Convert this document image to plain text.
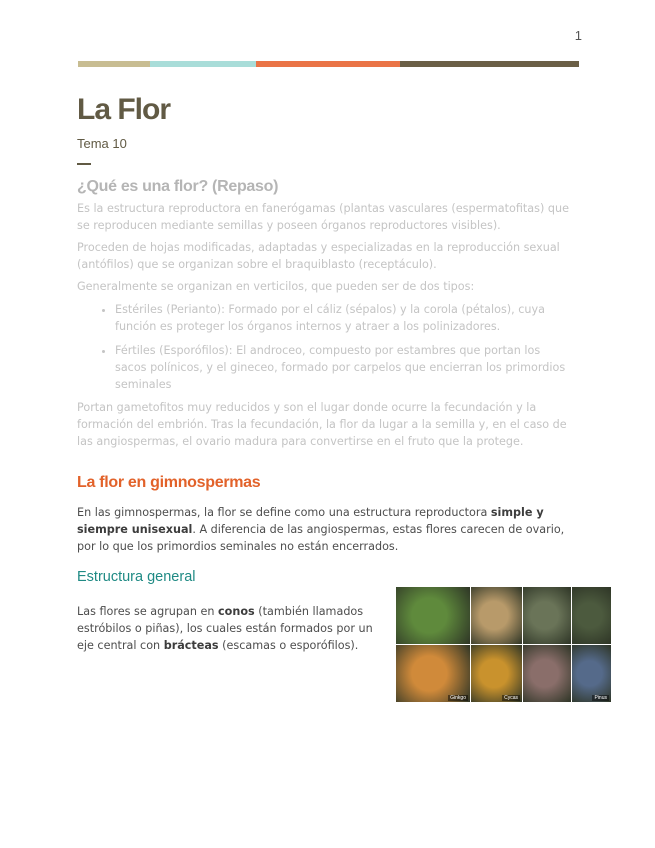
1
La Flor
Tema 10
¿Qué es una flor? (Repaso)

Es la estructura reproductora en fanerógamas (plantas vasculares (espermatofitas) que se reproducen mediante semillas y poseen órganos reproductores visibles).

Proceden de hojas modificadas, adaptadas y especializadas en la reproducción sexual (antófilos) que se organizan sobre el braquiblasto (receptáculo).

Generalmente se organizan en verticilos, que pueden ser de dos tipos:

• Estériles (Perianto): Formado por el cáliz (sépalos) y la corola (pétalos), cuya función es proteger los órganos internos y atraer a los polinizadores.
• Fértiles (Esporófilos): El androceo, compuesto por estambres que portan los sacos polínicos, y el gineceo, formado por carpelos que encierran los primordios seminales

Portan gametofitos muy reducidos y son el lugar donde ocurre la fecundación y la formación del embrión. Tras la fecundación, la flor da lugar a la semilla y, en el caso de las angiospermas, el ovario madura para convertirse en el fruto que la protege.

La flor en gimnospermas

En las gimnospermas, la flor se define como una estructura reproductora simple y siempre unisexual. A diferencia de las angiospermas, estas flores carecen de ovario, por lo que los primordios seminales no están encerrados.

Estructura general

Las flores se agrupan en conos (también llamados estróbilos o piñas), los cuales están formados por un eje central con brácteas (escamas o esporófilos).

Ginkgo	Cycas	Pinus
